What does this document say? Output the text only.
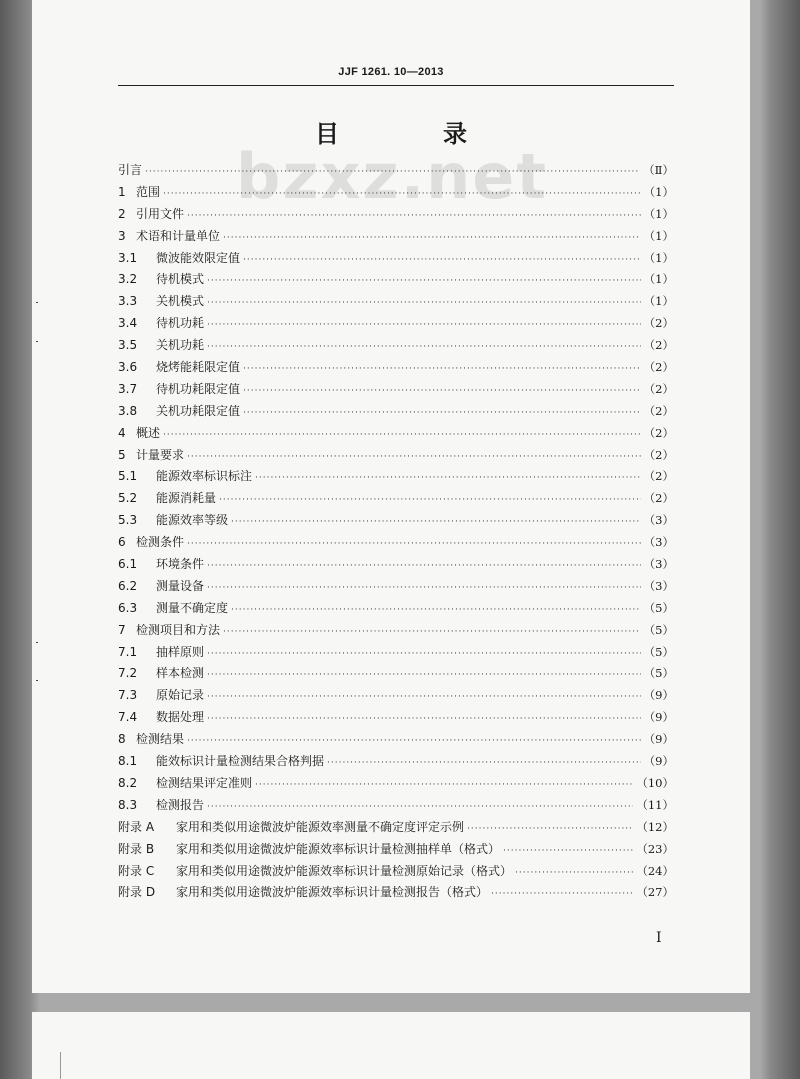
JJF 1261. 10—2013
bzxz.net
目　录
引言 ·····	（Ⅱ）
1 范围 ·····	（1）
2 引用文件 ·····	（1）
3 术语和计量单位 ·····	（1）
3.1	微波能效限定值 ·····	（1）
3.2	待机模式 ·····	（1）
3.3	关机模式 ·····	（1）
3.4	待机功耗 ·····	（2）
3.5	关机功耗 ·····	（2）
3.6	烧烤能耗限定值 ·····	（2）
3.7	待机功耗限定值 ·····	（2）
3.8	关机功耗限定值 ·····	（2）
4 概述 ·····	（2）
5 计量要求 ·····	（2）
5.1	能源效率标识标注 ·····	（2）
5.2	能源消耗量 ·····	（2）
5.3	能源效率等级 ·····	（3）
6 检测条件 ·····	（3）
6.1	环境条件 ·····	（3）
6.2	测量设备 ·····	（3）
6.3	测量不确定度 ·····	（5）
7 检测项目和方法 ·····	（5）
7.1	抽样原则 ·····	（5）
7.2	样本检测 ·····	（5）
7.3	原始记录 ·····	（9）
7.4	数据处理 ·····	（9）
8 检测结果 ·····	（9）
8.1	能效标识计量检测结果合格判据 ·····	（9）
8.2	检测结果评定准则 ·····	（10）
8.3	检测报告 ·····	（11）
附录 A	家用和类似用途微波炉能源效率测量不确定度评定示例 ·····	（12）
附录 B	家用和类似用途微波炉能源效率标识计量检测抽样单（格式） ·····	（23）
附录 C	家用和类似用途微波炉能源效率标识计量检测原始记录（格式） ·····	（24）
附录 D	家用和类似用途微波炉能源效率标识计量检测报告（格式） ·····	（27）
Ⅰ
